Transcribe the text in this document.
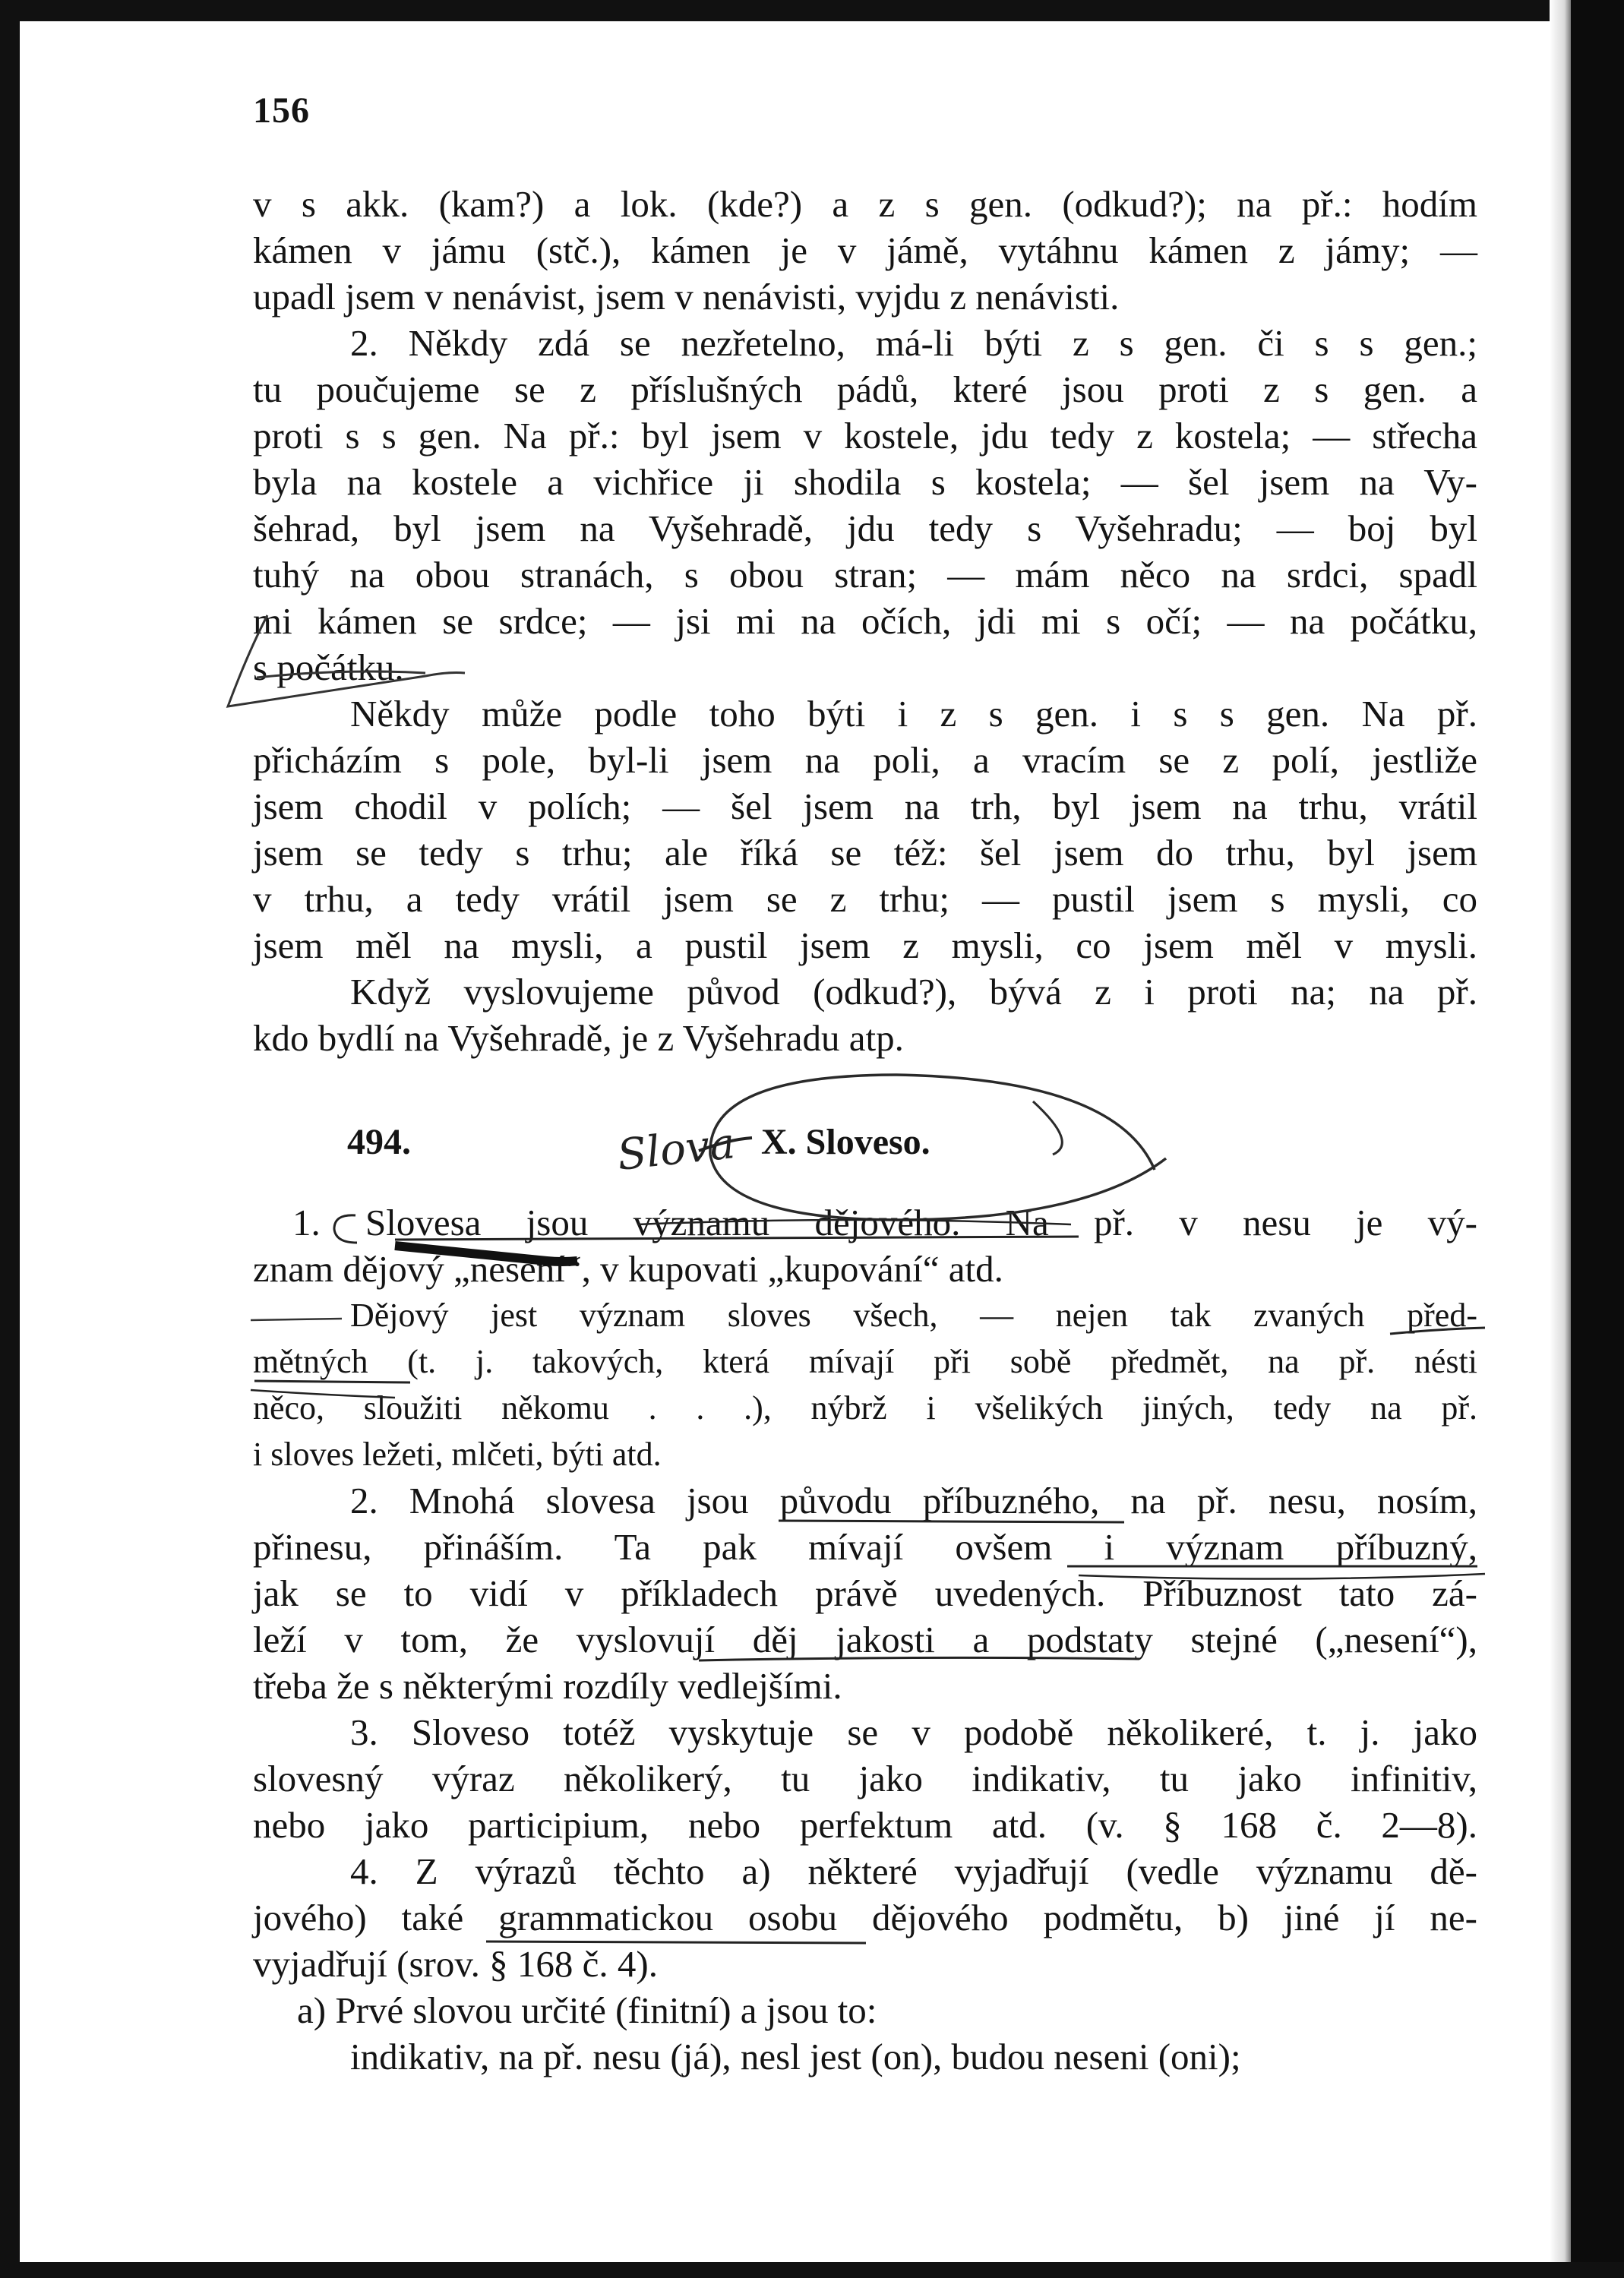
156
v s akk. (kam?) a lok. (kde?) a z s gen. (odkud?); na př.: hodím
kámen v jámu (stč.), kámen je v jámě, vytáhnu kámen z jámy; —
upadl jsem v nenávist, jsem v nenávisti, vyjdu z nenávisti.
2. Někdy zdá se nezřetelno, má-li býti z s gen. či s s gen.;
tu poučujeme se z příslušných pádů, které jsou proti z s gen. a
proti s s gen. Na př.: byl jsem v kostele, jdu tedy z kostela; — střecha
byla na kostele a vichřice ji shodila s kostela; — šel jsem na Vy-
šehrad, byl jsem na Vyšehradě, jdu tedy s Vyšehradu; — boj byl
tuhý na obou stranách, s obou stran; — mám něco na srdci, spadl
mi kámen se srdce; — jsi mi na očích, jdi mi s očí; — na počátku,
s počátku.
Někdy může podle toho býti i z s gen. i s s gen. Na př.
přicházím s pole, byl-li jsem na poli, a vracím se z polí, jestliže
jsem chodil v polích; — šel jsem na trh, byl jsem na trhu, vrátil
jsem se tedy s trhu; ale říká se též: šel jsem do trhu, byl jsem
v trhu, a tedy vrátil jsem se z trhu; — pustil jsem s mysli, co
jsem měl na mysli, a pustil jsem z mysli, co jsem měl v mysli.
Když vyslovujeme původ (odkud?), bývá z i proti na; na př.
kdo bydlí na Vyšehradě, je z Vyšehradu atp.
494.	X. Sloveso.
1. Slovesa jsou významu dějového. Na př. v nesu je vý-
znam dějový „nesení“, v kupovati „kupování“ atd.
Dějový jest význam sloves všech, — nejen tak zvaných před-
mětných (t. j. takových, která mívají při sobě předmět, na př. nésti
něco, sloužiti někomu . . .), nýbrž i všelikých jiných, tedy na př.
i sloves ležeti, mlčeti, býti atd.
2. Mnohá slovesa jsou původu příbuzného, na př. nesu, nosím,
přinesu, přináším. Ta pak mívají ovšem i význam příbuzný,
jak se to vidí v příkladech právě uvedených. Příbuznost tato zá-
leží v tom, že vyslovují děj jakosti a podstaty stejné („nesení“),
třeba že s některými rozdíly vedlejšími.
3. Sloveso totéž vyskytuje se v podobě několikeré, t. j. jako
slovesný výraz několikerý, tu jako indikativ, tu jako infinitiv,
nebo jako participium, nebo perfektum atd. (v. § 168 č. 2—8).
4. Z výrazů těchto a) některé vyjadřují (vedle významu dě-
jového) také grammatickou osobu dějového podmětu, b) jiné jí ne-
vyjadřují (srov. § 168 č. 4).
a) Prvé slovou určité (finitní) a jsou to:
indikativ, na př. nesu (já), nesl jest (on), budou neseni (oni);
Slova
